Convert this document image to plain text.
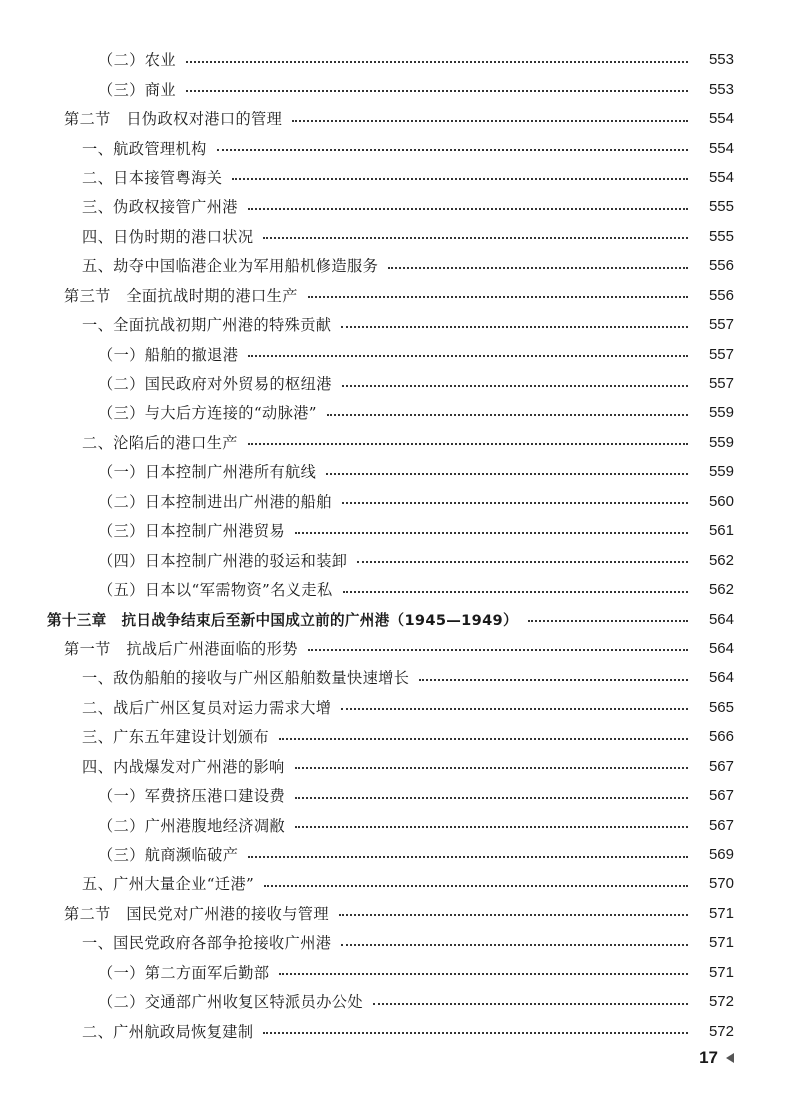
（二）农业	553
（三）商业	553
第二节　日伪政权对港口的管理	554
一、航政管理机构	554
二、日本接管粤海关	554
三、伪政权接管广州港	555
四、日伪时期的港口状况	555
五、劫夺中国临港企业为军用船机修造服务	556
第三节　全面抗战时期的港口生产	556
一、全面抗战初期广州港的特殊贡献	557
（一）船舶的撤退港	557
（二）国民政府对外贸易的枢纽港	557
（三）与大后方连接的“动脉港”	559
二、沦陷后的港口生产	559
（一）日本控制广州港所有航线	559
（二）日本控制进出广州港的船舶	560
（三）日本控制广州港贸易	561
（四）日本控制广州港的驳运和装卸	562
（五）日本以“军需物资”名义走私	562
第十三章　抗日战争结束后至新中国成立前的广州港（1945—1949）	564
第一节　抗战后广州港面临的形势	564
一、敌伪船舶的接收与广州区船舶数量快速增长	564
二、战后广州区复员对运力需求大增	565
三、广东五年建设计划颁布	566
四、内战爆发对广州港的影响	567
（一）军费挤压港口建设费	567
（二）广州港腹地经济凋敝	567
（三）航商濒临破产	569
五、广州大量企业“迁港”	570
第二节　国民党对广州港的接收与管理	571
一、国民党政府各部争抢接收广州港	571
（一）第二方面军后勤部	571
（二）交通部广州收复区特派员办公处	572
二、广州航政局恢复建制	572
17
